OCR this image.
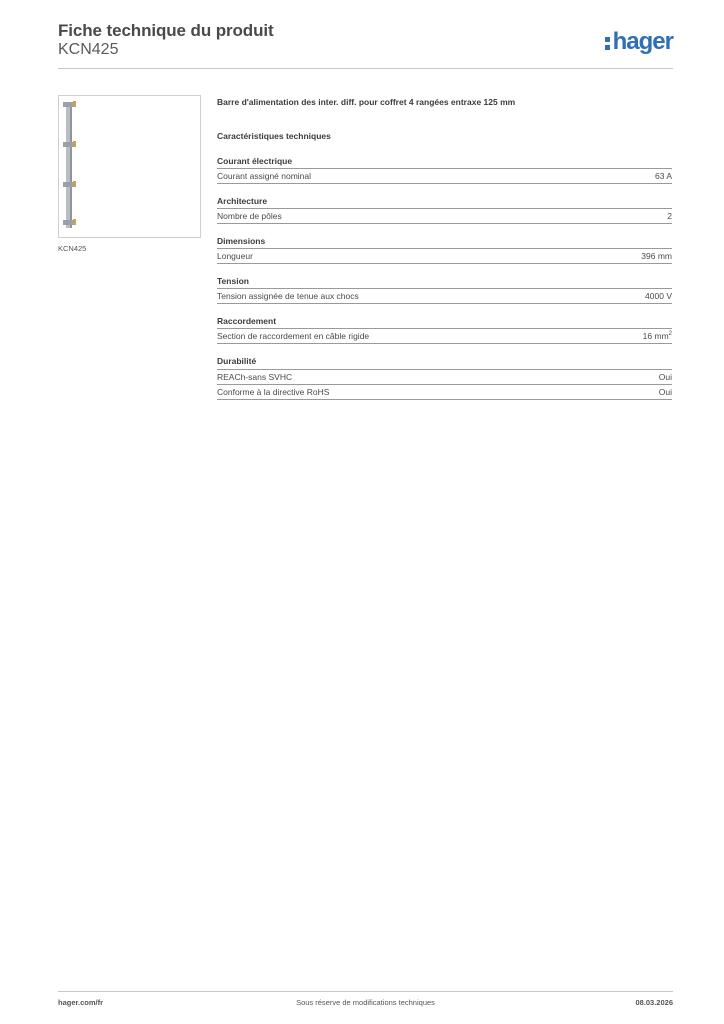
Fiche technique du produit
KCN425	hager
KCN425
Barre d'alimentation des inter. diff. pour coffret 4 rangées entraxe 125 mm
Caractéristiques techniques
Courant électrique
Courant assigné nominal	63 A
Architecture
Nombre de pôles	2
Dimensions
Longueur	396 mm
Tension
Tension assignée de tenue aux chocs	4000 V
Raccordement
Section de raccordement en câble rigide	16 $mm^2$
Durabilité
REACh-sans SVHC	Oui
Conforme à la directive RoHS	Oui
hager.com/fr	Sous réserve de modifications techniques	08.03.2026
